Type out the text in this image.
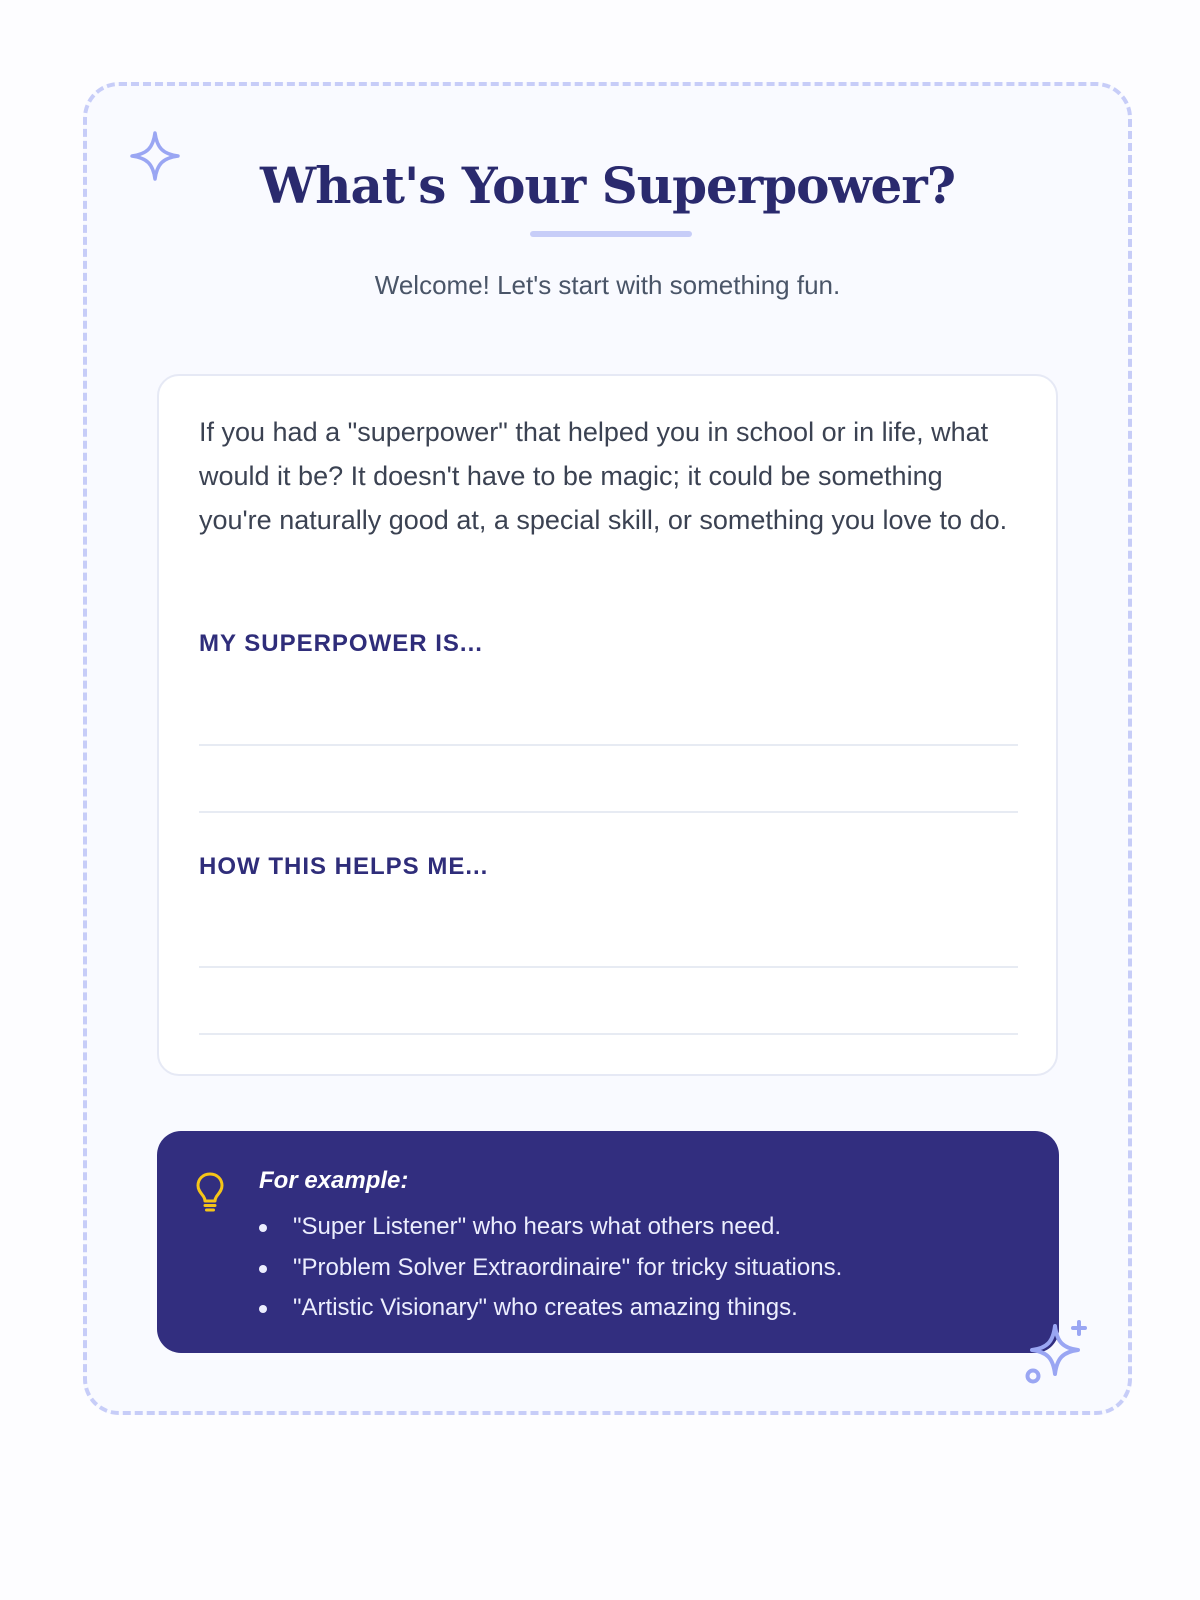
What's Your Superpower?

Welcome! Let's start with something fun.

If you had a "superpower" that helped you in school or in life, what would it be? It doesn't have to be magic; it could be something you're naturally good at, a special skill, or something you love to do.

MY SUPERPOWER IS...

HOW THIS HELPS ME...

For example:

"Super Listener" who hears what others need.
"Problem Solver Extraordinaire" for tricky situations.
"Artistic Visionary" who creates amazing things.
